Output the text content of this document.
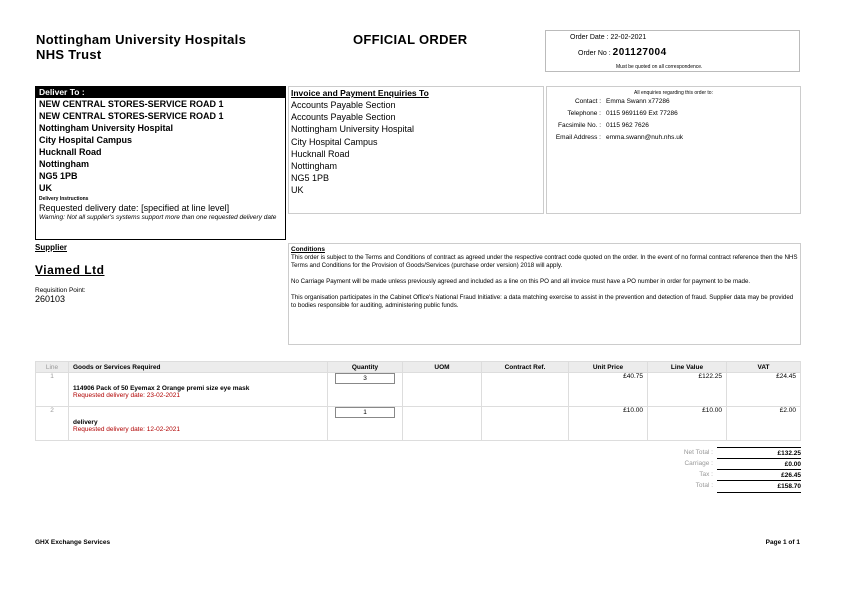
Nottingham University Hospitals
NHS Trust
OFFICIAL ORDER	Order Date : 22-02-2021
Order No : 201127004
Must be quoted on all correspondence.
Deliver To :
NEW CENTRAL STORES-SERVICE ROAD 1
NEW CENTRAL STORES-SERVICE ROAD 1
Nottingham University Hospital
City Hospital Campus
Hucknall Road
Nottingham
NG5 1PB
UK
Delivery Instructions
Requested delivery date: [specified at line level]
Warning: Not all supplier's systems support more than one requested delivery date
Invoice and Payment Enquiries To
Accounts Payable Section
Accounts Payable Section
Nottingham University Hospital
City Hospital Campus
Hucknall Road
Nottingham
NG5 1PB
UK
All enquiries regarding this order to:
Contact : Emma Swann x77286
Telephone : 0115 9691169 Ext 77286
Facsimile No. : 0115 962 7626
Email Address : emma.swann@nuh.nhs.uk
Supplier
Viamed Ltd
Requisition Point:
260103
Conditions

This order is subject to the Terms and Conditions of contract as agreed under the respective contract code quoted on the order. In the event of no formal contract reference then the NHS Terms and Conditions for the Provision of Goods/Services (purchase order version) 2018 will apply.

No Carriage Payment will be made unless previously agreed and included as a line on this PO and all invoice must have a PO number in order for payment to be made.

This organisation participates in the Cabinet Office's National Fraud Initiative: a data matching exercise to assist in the prevention and detection of fraud. Supplier data may be provided to bodies responsible for auditing, administering public funds.

Line	Goods or Services Required	Quantity	UOM	Contract Ref.	Unit Price	Line Value	VAT
1	114906 Pack of 50 Eyemax 2 Orange premi size eye mask
Requested delivery date: 23-02-2021	3			£40.75	£122.25	£24.45
2	delivery
Requested delivery date: 12-02-2021	1			£10.00	£10.00	£2.00
Net Total :	£132.25
Carriage :	£0.00
Tax :	£26.45
Total :	£158.70
GHX Exchange Services	Page 1 of 1
